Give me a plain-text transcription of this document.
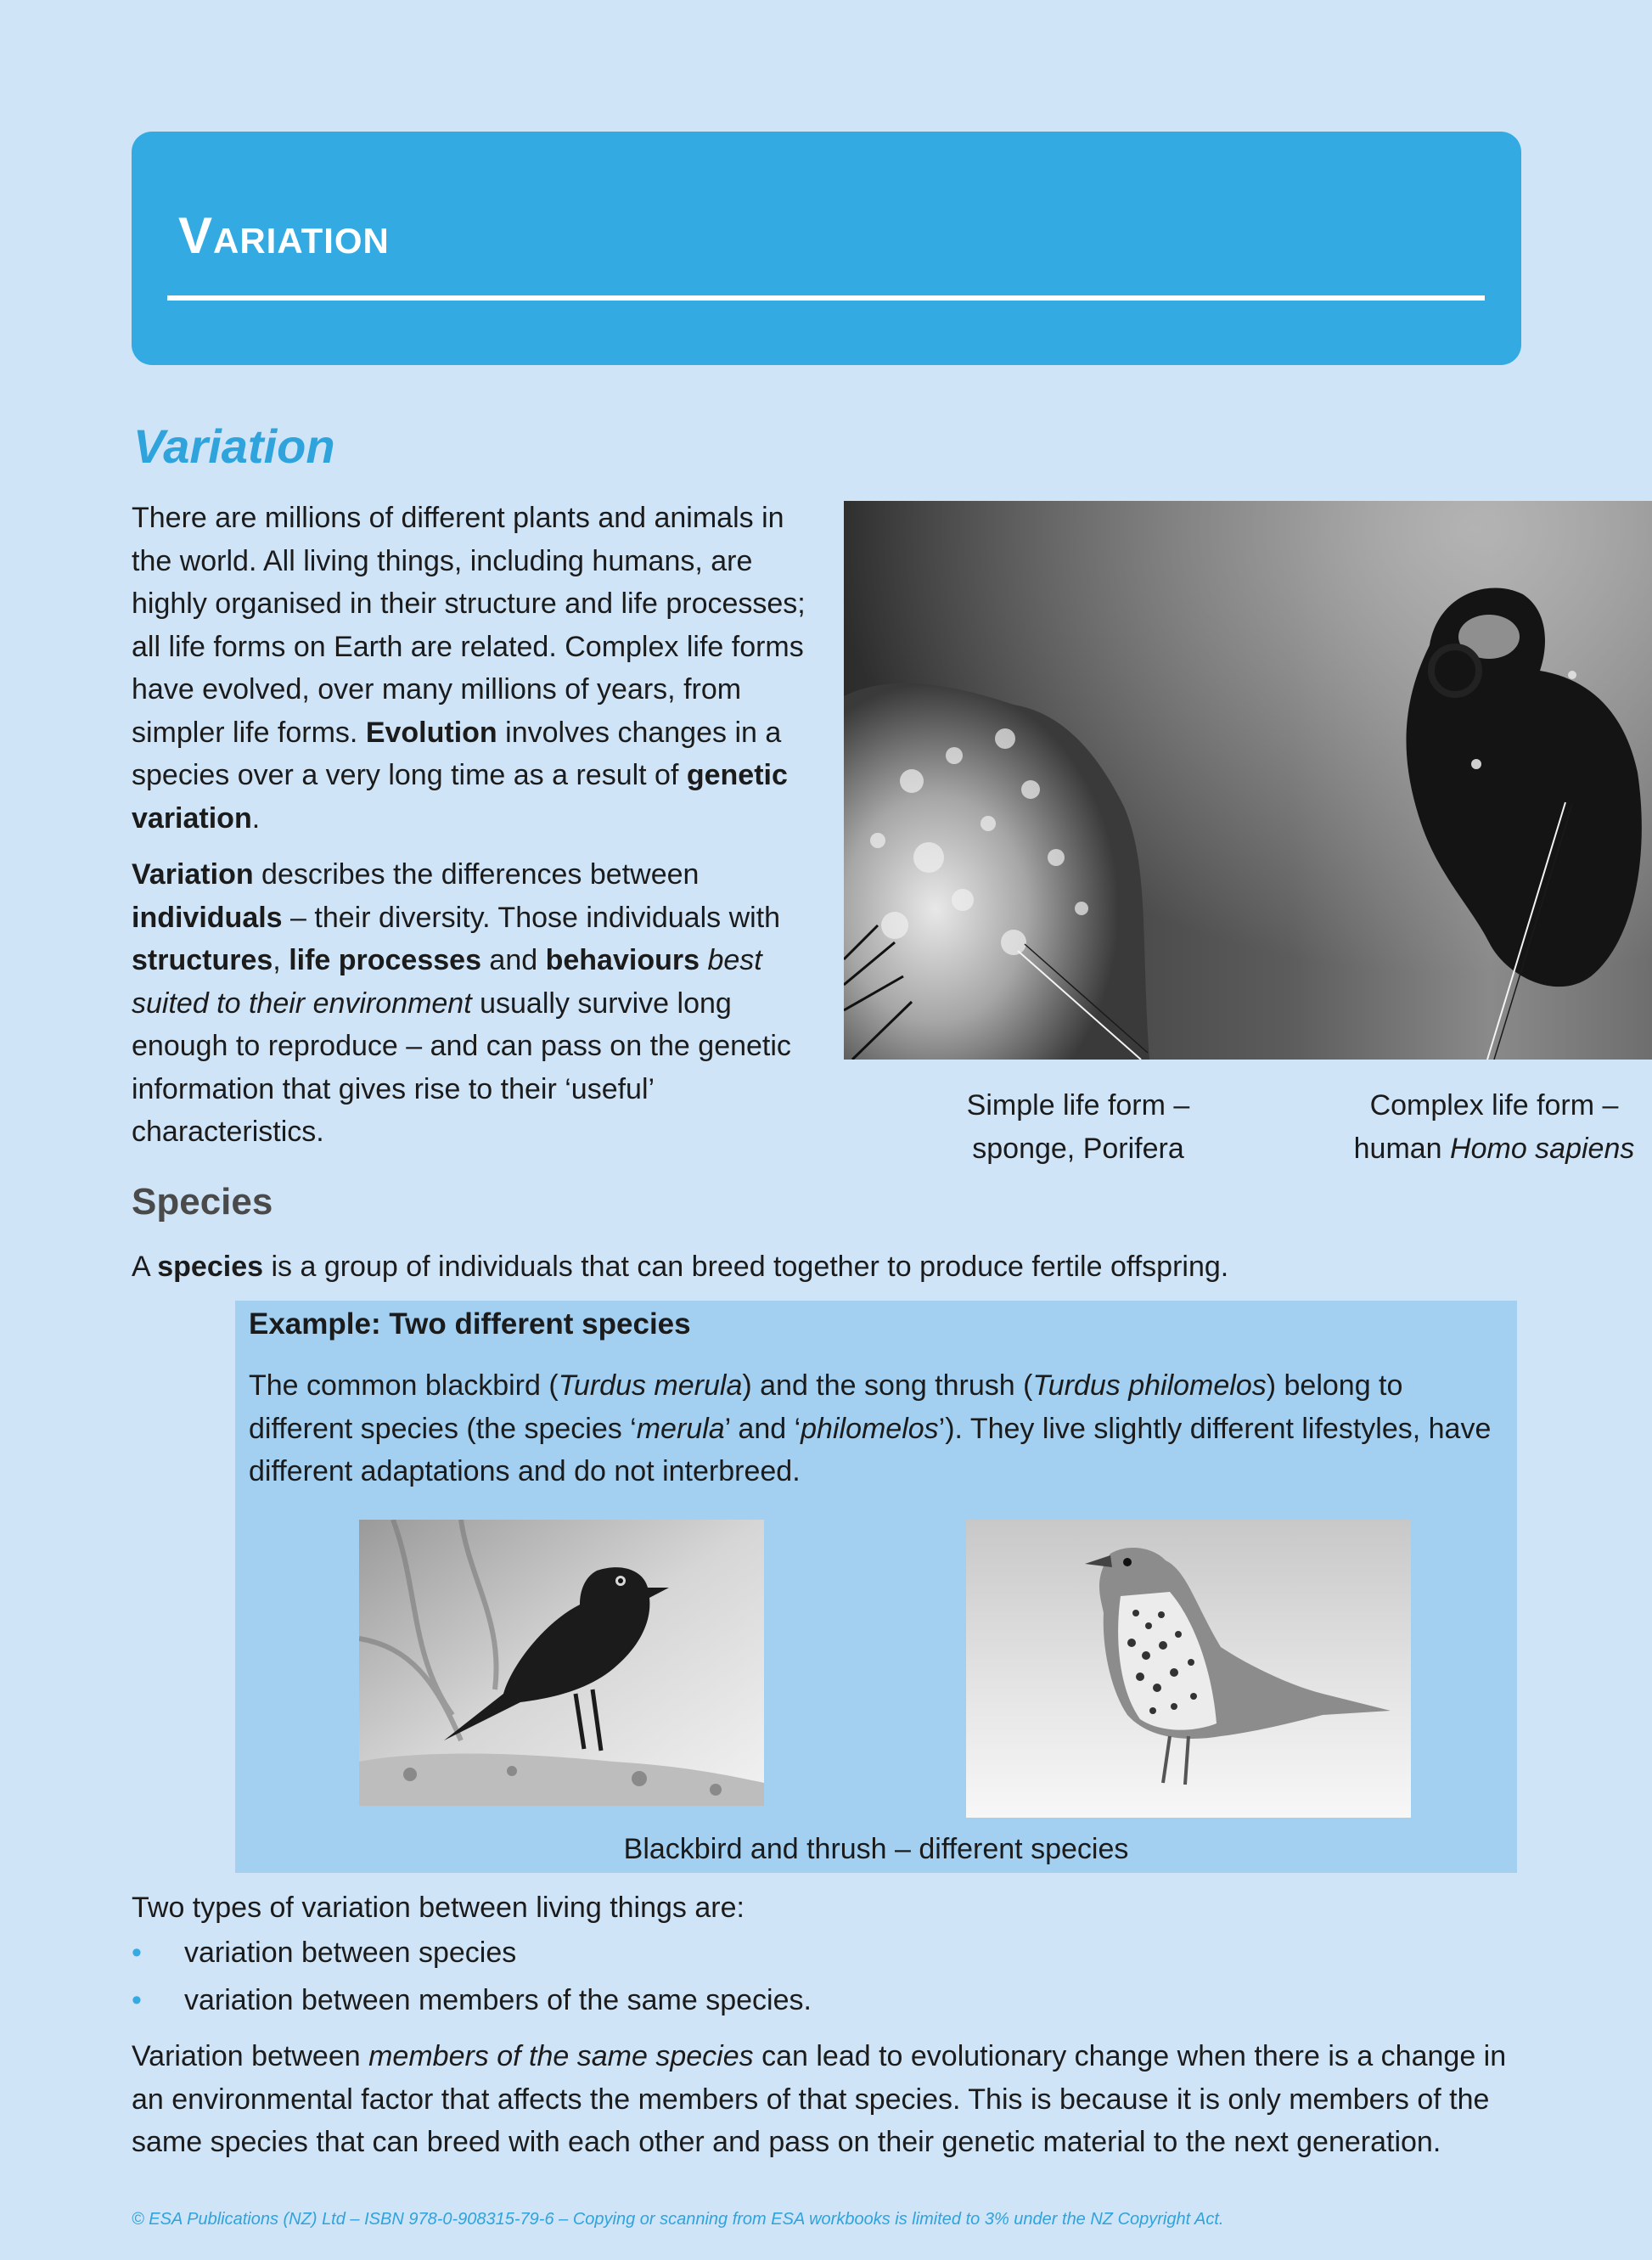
Variation
Variation
There are millions of different plants and animals in the world. All living things, including humans, are highly organised in their structure and life processes; all life forms on Earth are related. Complex life forms have evolved, over many millions of years, from simpler life forms. Evolution involves changes in a species over a very long time as a result of genetic variation.
Variation describes the differences between individuals – their diversity. Those individuals with structures, life processes and behaviours best suited to their environment usually survive long enough to reproduce – and can pass on the genetic information that gives rise to their ‘useful’ characteristics.
Simple life form –
sponge, Porifera
Complex life form –
human Homo sapiens
Species
A species is a group of individuals that can breed together to produce fertile offspring.
Example: Two different species
The common blackbird (Turdus merula) and the song thrush (Turdus philomelos) belong to different species (the species ‘merula’ and ‘philomelos’). They live slightly different lifestyles, have different adaptations and do not interbreed.
Blackbird and thrush – different species
Two types of variation between living things are:
• variation between species
• variation between members of the same species.
Variation between members of the same species can lead to evolutionary change when there is a change in an environmental factor that affects the members of that species. This is because it is only members of the same species that can breed with each other and pass on their genetic material to the next generation.
© ESA Publications (NZ) Ltd – ISBN 978-0-908315-79-6 – Copying or scanning from ESA workbooks is limited to 3% under the NZ Copyright Act.
